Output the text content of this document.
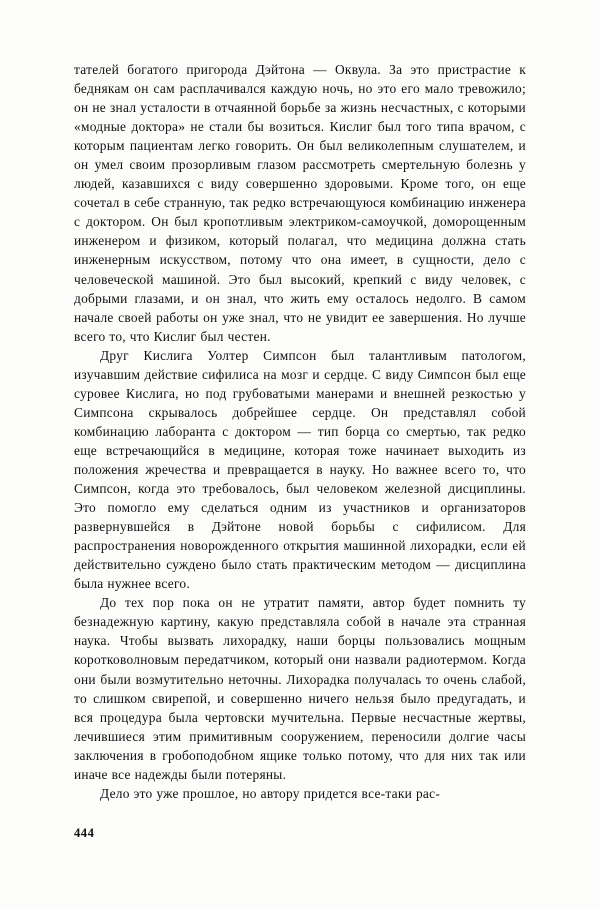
тателей богатого пригорода Дэйтона — Оквула. За это пристрастие к беднякам он сам расплачивался каждую ночь, но это его мало тревожило; он не знал усталости в отчаянной борьбе за жизнь несчастных, с которыми «модные доктора» не стали бы возиться. Кислиг был того типа врачом, с которым пациентам легко говорить. Он был великолепным слушателем, и он умел своим прозорливым глазом рассмотреть смертельную болезнь у людей, казавшихся с виду совершенно здоровыми. Кроме того, он еще сочетал в себе странную, так редко встречающуюся комбинацию инженера с доктором. Он был кропотливым электриком-самоучкой, доморощенным инженером и физиком, который полагал, что медицина должна стать инженерным искусством, потому что она имеет, в сущности, дело с человеческой машиной. Это был высокий, крепкий с виду человек, с добрыми глазами, и он знал, что жить ему осталось недолго. В самом начале своей работы он уже знал, что не увидит ее завершения. Но лучше всего то, что Кислиг был честен.

Друг Кислига Уолтер Симпсон был талантливым патологом, изучавшим действие сифилиса на мозг и сердце. С виду Симпсон был еще суровее Кислига, но под грубоватыми манерами и внешней резкостью у Симпсона скрывалось добрейшее сердце. Он представлял собой комбинацию лаборанта с доктором — тип борца со смертью, так редко еще встречающийся в медицине, которая тоже начинает выходить из положения жречества и превращается в науку. Но важнее всего то, что Симпсон, когда это требовалось, был человеком железной дисциплины. Это помогло ему сделаться одним из участников и организаторов развернувшейся в Дэйтоне новой борьбы с сифилисом. Для распространения новорожденного открытия машинной лихорадки, если ей действительно суждено было стать практическим методом — дисциплина была нужнее всего.

До тех пор пока он не утратит памяти, автор будет помнить ту безнадежную картину, какую представляла собой в начале эта странная наука. Чтобы вызвать лихорадку, наши борцы пользовались мощным коротковолновым передатчиком, который они назвали радиотермом. Когда они были возмутительно неточны. Лихорадка получалась то очень слабой, то слишком свирепой, и совершенно ничего нельзя было предугадать, и вся процедура была чертовски мучительна. Первые несчастные жертвы, лечившиеся этим примитивным сооружением, переносили долгие часы заключения в гробоподобном ящике только потому, что для них так или иначе все надежды были потеряны.

Дело это уже прошлое, но автору придется все-таки рас-

444
